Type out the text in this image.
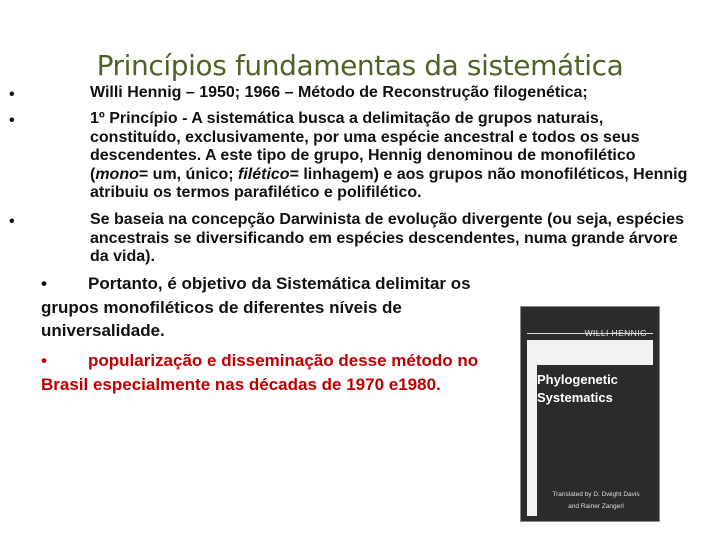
Princípios fundamentas da sistemática
•	Willi Hennig – 1950; 1966 – Método de Reconstrução filogenética;
•	1º Princípio - A sistemática busca a delimitação de grupos naturais, constituído, exclusivamente, por uma espécie ancestral e todos os seus descendentes. A este tipo de grupo, Hennig denominou de monofilético (mono= um, único; filético= linhagem) e aos grupos não monofiléticos, Hennig atribuiu os termos parafilético e polifilético.
•	Se baseia na concepção Darwinista de evolução divergente (ou seja, espécies ancestrais se diversificando em espécies descendentes, numa grande árvore da vida).

• Portanto, é objetivo da Sistemática delimitar os grupos monofiléticos de diferentes níveis de universalidade.

• popularização e disseminação desse método no Brasil especialmente nas décadas de 1970 e1980.

WILLI HENNIG
Phylogenetic
Systematics
Translated by D. Dwight Davis
and Rainer Zangerl
